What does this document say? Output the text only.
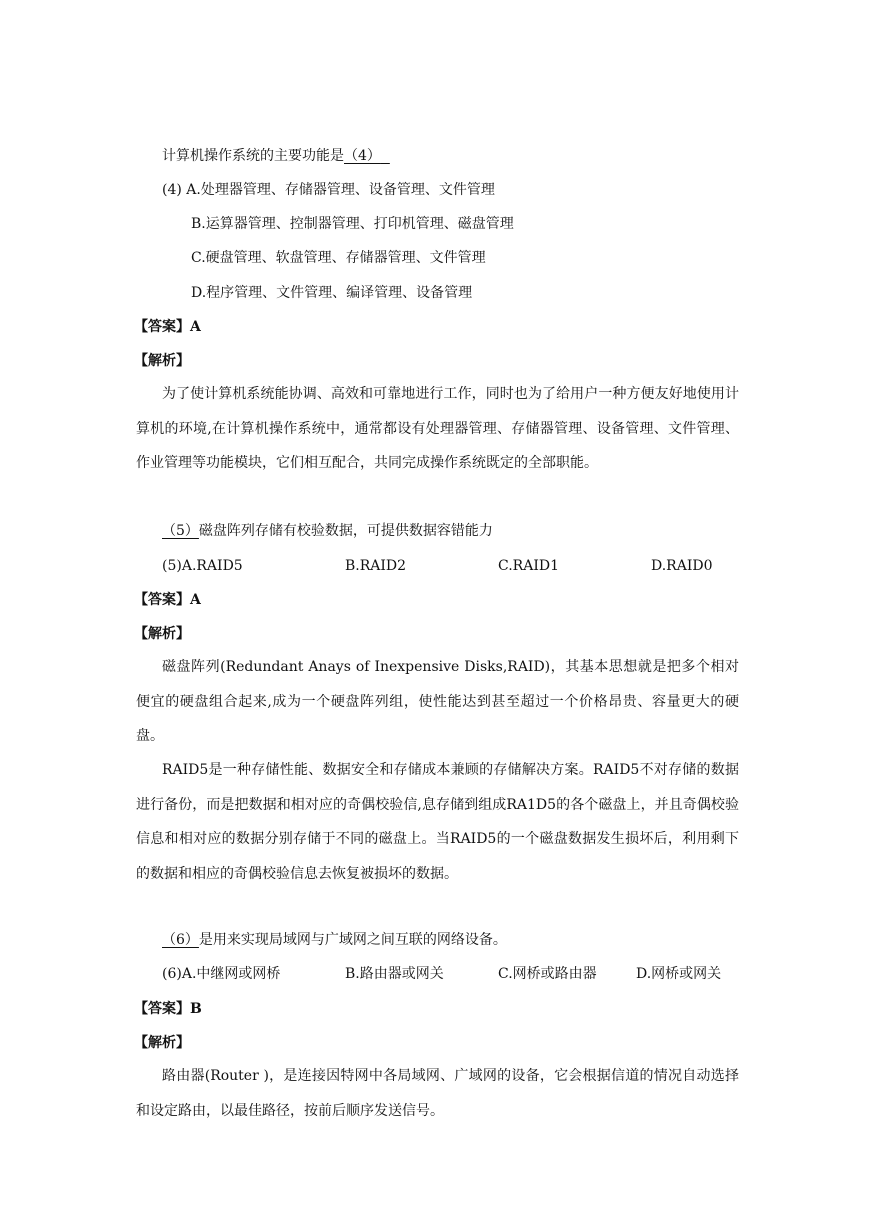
计算机操作系统的主要功能是（4）
(4) A.处理器管理、存储器管理、设备管理、文件管理
B.运算器管理、控制器管理、打印机管理、磁盘管理
C.硬盘管理、软盘管理、存储器管理、文件管理
D.程序管理、文件管理、编译管理、设备管理
【答案】A
【解析】

为了使计算机系统能协调、高效和可靠地进行工作，同时也为了给用户一种方便友好地使用计算机的环境,在计算机操作系统中，通常都设有处理器管理、存储器管理、设备管理、文件管理、作业管理等功能模块，它们相互配合，共同完成操作系统既定的全部职能。

（5）磁盘阵列存储有校验数据，可提供数据容错能力
(5)A.RAID5	B.RAID2	C.RAID1	D.RAID0
【答案】A
【解析】

磁盘阵列(Redundant Anays of Inexpensive Disks,RAID)，其基本思想就是把多个相对便宜的硬盘组合起来,成为一个硬盘阵列组，使性能达到甚至超过一个价格昂贵、容量更大的硬盘。

RAID5是一种存储性能、数据安全和存储成本兼顾的存储解决方案。RAID5不对存储的数据进行备份，而是把数据和相对应的奇偶校验信,息存储到组成RA1D5的各个磁盘上，并且奇偶校验信息和相对应的数据分别存储于不同的磁盘上。当RAID5的一个磁盘数据发生损坏后，利用剩下的数据和相应的奇偶校验信息去恢复被损坏的数据。

（6）是用来实现局域网与广域网之间互联的网络设备。
(6)A.中继网或网桥	B.路由器或网关	C.网桥或路由器	D.网桥或网关
【答案】B
【解析】

路由器(Router )，是连接因特网中各局域网、广域网的设备，它会根据信道的情况自动选择和设定路由，以最佳路径，按前后顺序发送信号。
